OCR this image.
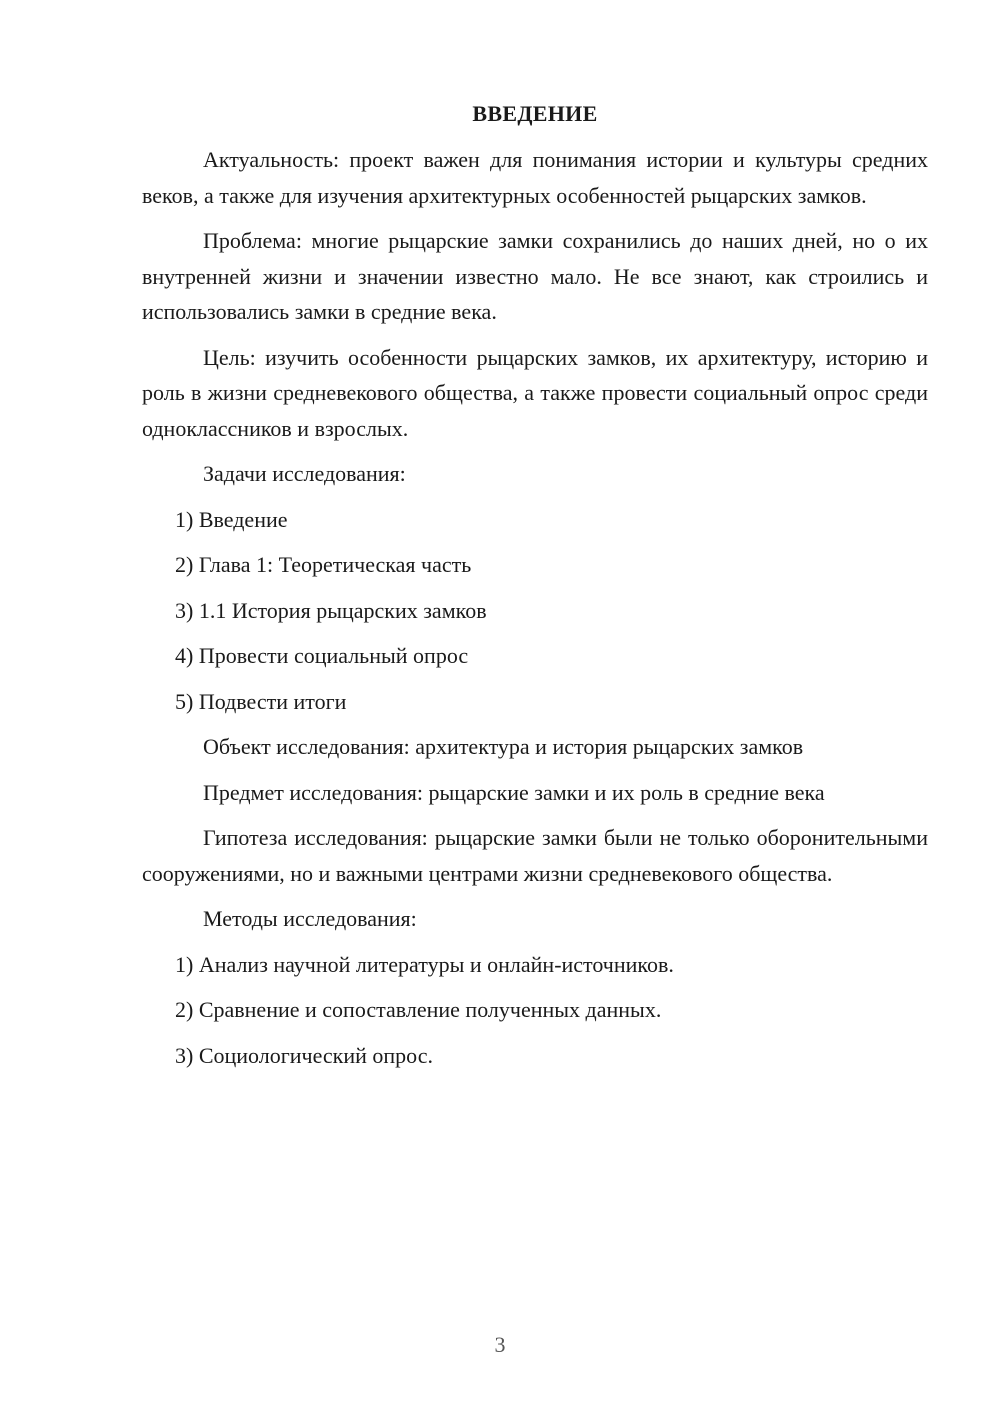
ВВЕДЕНИЕ

Актуальность: проект важен для понимания истории и культуры средних веков, а также для изучения архитектурных особенностей рыцарских замков.

Проблема: многие рыцарские замки сохранились до наших дней, но о их внутренней жизни и значении известно мало. Не все знают, как строились и использовались замки в средние века.

Цель: изучить особенности рыцарских замков, их архитектуру, историю и роль в жизни средневекового общества, а также провести социальный опрос среди одноклассников и взрослых.

Задачи исследования:

1) Введение
2) Глава 1: Теоретическая часть
3) 1.1 История рыцарских замков
4) Провести социальный опрос
5) Подвести итоги

Объект исследования: архитектура и история рыцарских замков

Предмет исследования: рыцарские замки и их роль в средние века

Гипотеза исследования: рыцарские замки были не только оборонительными сооружениями, но и важными центрами жизни средневекового общества.

Методы исследования:

1) Анализ научной литературы и онлайн-источников.
2) Сравнение и сопоставление полученных данных.
3) Социологический опрос.
3
